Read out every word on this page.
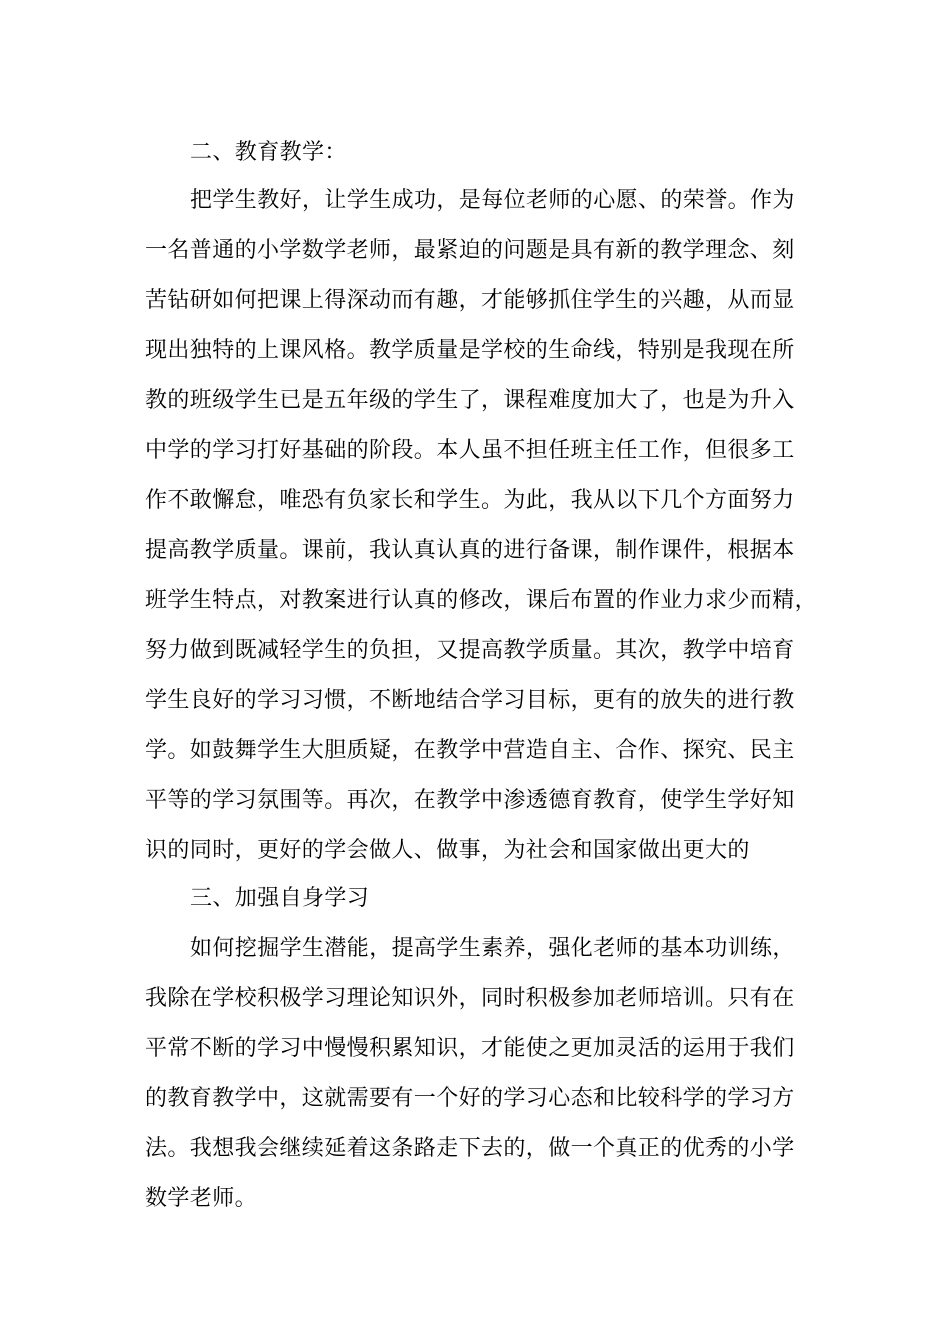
二、教育教学：
把学生教好，让学生成功，是每位老师的心愿、的荣誉。作为
一名普通的小学数学老师，最紧迫的问题是具有新的教学理念、刻
苦钻研如何把课上得深动而有趣，才能够抓住学生的兴趣，从而显
现出独特的上课风格。教学质量是学校的生命线，特别是我现在所
教的班级学生已是五年级的学生了，课程难度加大了，也是为升入
中学的学习打好基础的阶段。本人虽不担任班主任工作，但很多工
作不敢懈怠，唯恐有负家长和学生。为此，我从以下几个方面努力
提高教学质量。课前，我认真认真的进行备课，制作课件，根据本
班学生特点，对教案进行认真的修改，课后布置的作业力求少而精，
努力做到既减轻学生的负担，又提高教学质量。其次，教学中培育
学生良好的学习习惯，不断地结合学习目标，更有的放失的进行教
学。如鼓舞学生大胆质疑，在教学中营造自主、合作、探究、民主
平等的学习氛围等。再次，在教学中渗透德育教育，使学生学好知
识的同时，更好的学会做人、做事，为社会和国家做出更大的
三、加强自身学习
如何挖掘学生潜能，提高学生素养，强化老师的基本功训练，
我除在学校积极学习理论知识外，同时积极参加老师培训。只有在
平常不断的学习中慢慢积累知识，才能使之更加灵活的运用于我们
的教育教学中，这就需要有一个好的学习心态和比较科学的学习方
法。我想我会继续延着这条路走下去的，做一个真正的优秀的小学
数学老师。
